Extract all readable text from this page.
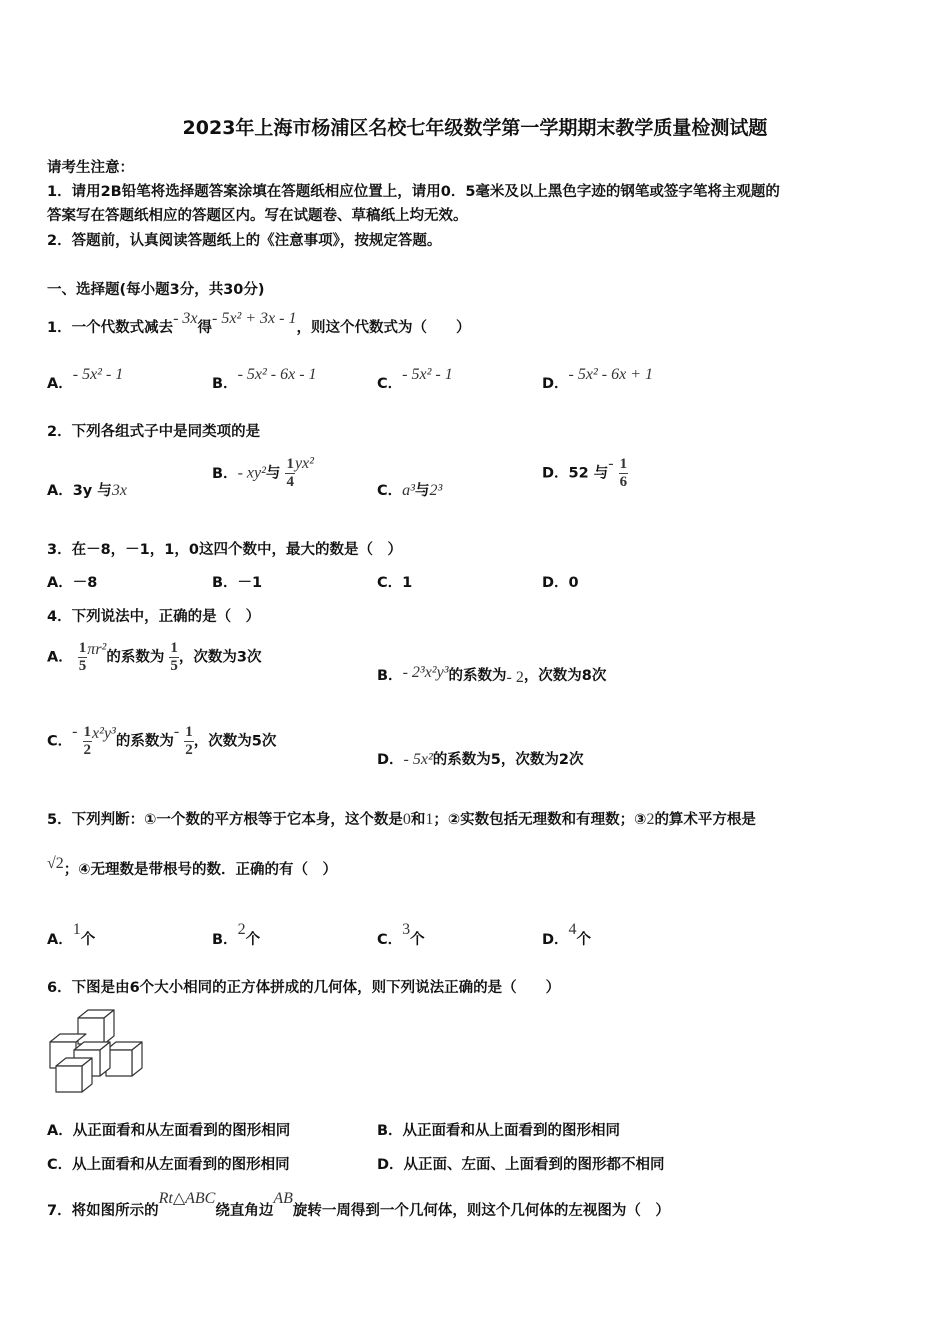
2023年上海市杨浦区名校七年级数学第一学期期末教学质量检测试题
请考生注意：
1．请用2B铅笔将选择题答案涂填在答题纸相应位置上，请用0．5毫米及以上黑色字迹的钢笔或签字笔将主观题的
答案写在答题纸相应的答题区内。写在试题卷、草稿纸上均无效。
2．答题前，认真阅读答题纸上的《注意事项》，按规定答题。
一、选择题(每小题3分，共30分)
1．一个代数式减去- 3x得- 5x² + 3x - 1，则这个代数式为（　　）
A．- 5x² - 1
B．- 5x² - 6x - 1
C．- 5x² - 1
D．- 5x² - 6x + 1
2．下列各组式子中是同类项的是
A．3y 与3x
B．- xy²与 $\frac{1}{4} yx^2$
C．a³与2³
D．52 与- $\frac{1}{6}$
3．在－8，－1，1，0这四个数中，最大的数是（　）
A．－8	B．－1	C．1	D．0
4．下列说法中，正确的是（　）
A． $\frac{1}{5} \pi r^2$的系数为 $\frac{1}{5}$ ，次数为3次
B．- 2³x²y³的系数为- 2，次数为8次
C．- $\frac{1}{2} x^2y^3$的系数为- $\frac{1}{2}$ ，次数为5次
D．- 5x²的系数为5，次数为2次
5．下列判断：①一个数的平方根等于它本身，这个数是0和1；②实数包括无理数和有理数；③2的算术平方根是
√2；④无理数是带根号的数．正确的有（　）
A．1个	B．2个	C．3个	D．4个
6．下图是由6个大小相同的正方体拼成的几何体，则下列说法正确的是（　　）
A．从正面看和从左面看到的图形相同	B．从正面看和从上面看到的图形相同
C．从上面看和从左面看到的图形相同	D．从正面、左面、上面看到的图形都不相同
7．将如图所示的Rt△ABC绕直角边AB旋转一周得到一个几何体，则这个几何体的左视图为（　）
